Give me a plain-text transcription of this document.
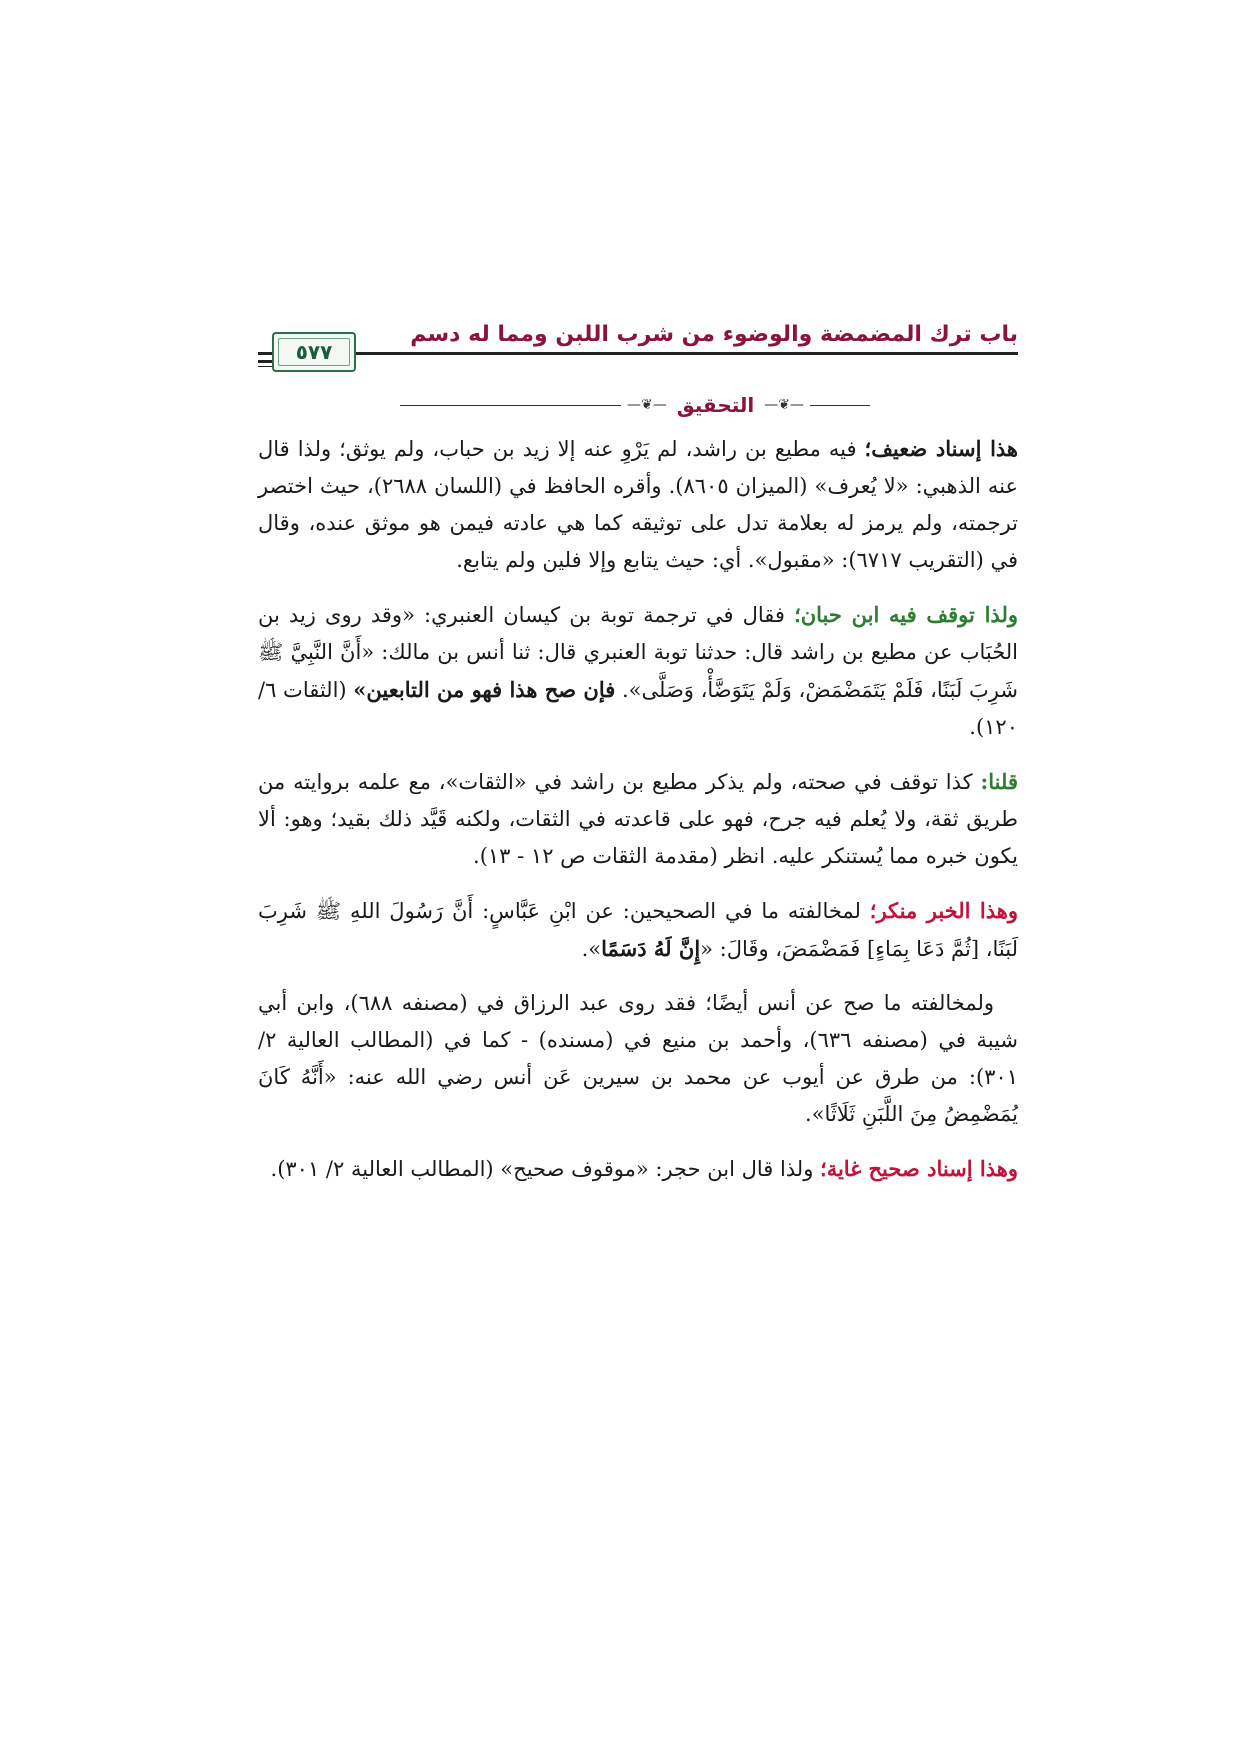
باب ترك المضمضة والوضوء من شرب اللبن ومما له دسم
٥٧٧
—❦— التحقيق —❦—

هذا إسناد ضعيف؛ فيه مطيع بن راشد، لم يَرْوِ عنه إلا زيد بن حباب، ولم يوثق؛ ولذا قال عنه الذهبي: «لا يُعرف» (الميزان ٨٦٠٥). وأقره الحافظ في (اللسان ٢٦٨٨)، حيث اختصر ترجمته، ولم يرمز له بعلامة تدل على توثيقه كما هي عادته فيمن هو موثق عنده، وقال في (التقريب ٦٧١٧): «مقبول». أي: حيث يتابع وإلا فلين ولم يتابع.

ولذا توقف فيه ابن حبان؛ فقال في ترجمة توبة بن كيسان العنبري: «وقد روى زيد بن الحُبَاب عن مطيع بن راشد قال: حدثنا توبة العنبري قال: ثنا أنس بن مالك: «أَنَّ النَّبِيَّ ﷺ شَرِبَ لَبَنًا، فَلَمْ يَتَمَضْمَضْ، وَلَمْ يَتَوَضَّأْ، وَصَلَّى». فإن صح هذا فهو من التابعين» (الثقات ٦/ ١٢٠).

قلنا: كذا توقف في صحته، ولم يذكر مطيع بن راشد في «الثقات»، مع علمه بروايته من طريق ثقة، ولا يُعلم فيه جرح، فهو على قاعدته في الثقات، ولكنه قَيَّد ذلك بقيد؛ وهو: ألا يكون خبره مما يُستنكر عليه. انظر (مقدمة الثقات ص ١٢ - ١٣).

وهذا الخبر منكر؛ لمخالفته ما في الصحيحين: عن ابْنِ عَبَّاسٍ: أَنَّ رَسُولَ اللهِ ﷺ شَرِبَ لَبَنًا، [ثُمَّ دَعَا بِمَاءٍ] فَمَضْمَضَ، وقَالَ: «إِنَّ لَهُ دَسَمًا».

ولمخالفته ما صح عن أنس أيضًا؛ فقد روى عبد الرزاق في (مصنفه ٦٨٨)، وابن أبي شيبة في (مصنفه ٦٣٦)، وأحمد بن منيع في (مسنده) - كما في (المطالب العالية ٢/ ٣٠١): من طرق عن أيوب عن محمد بن سيرين عَن أنس رضي الله عنه: «أَنَّهُ كَانَ يُمَضْمِضُ مِنَ اللَّبَنِ ثَلَاثًا».

وهذا إسناد صحيح غاية؛ ولذا قال ابن حجر: «موقوف صحيح» (المطالب العالية ٢/ ٣٠١).
